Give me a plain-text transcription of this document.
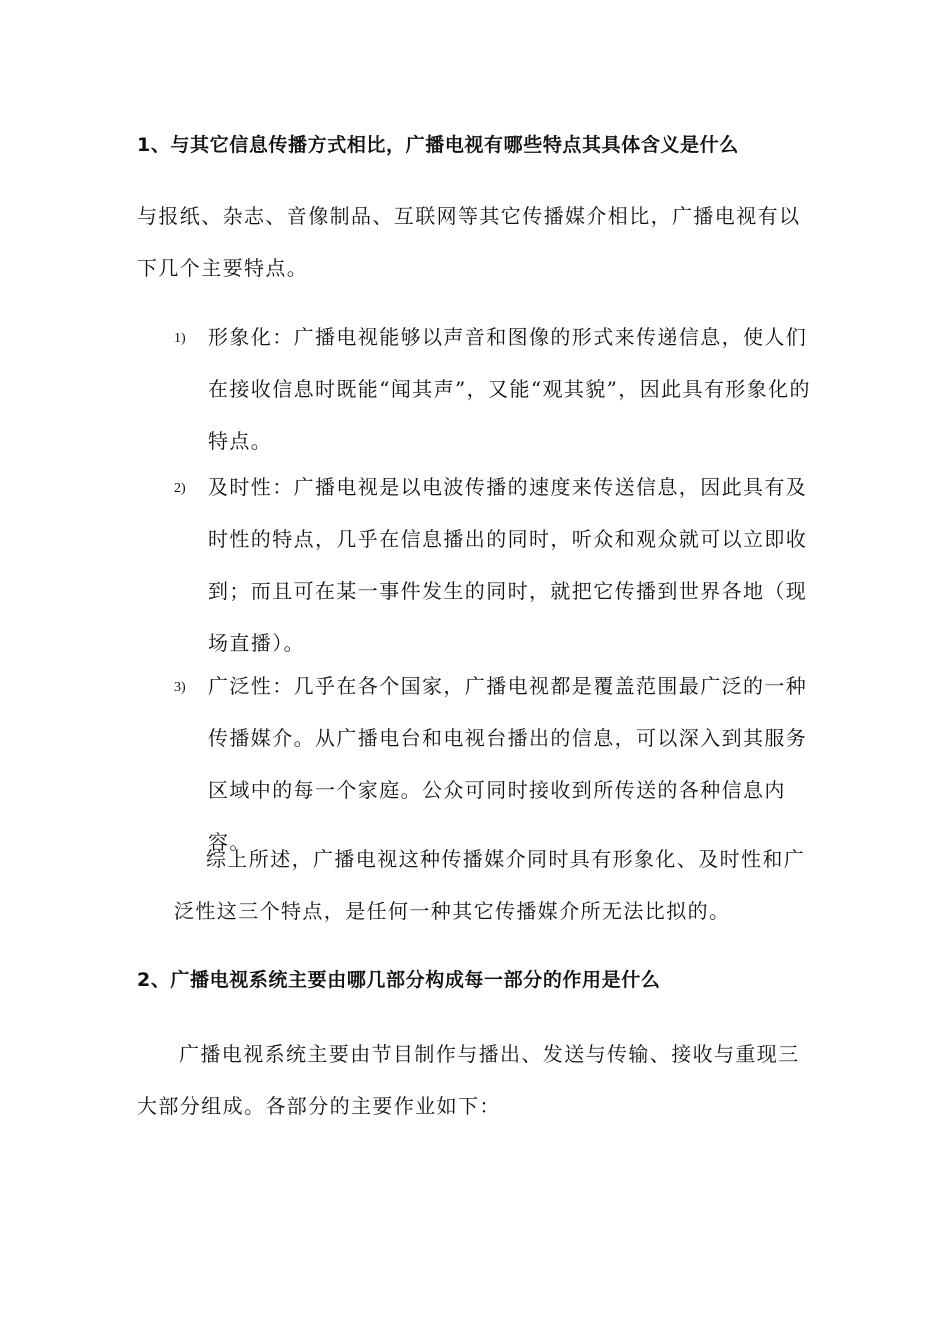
1、与其它信息传播方式相比，广播电视有哪些特点其具体含义是什么
与报纸、杂志、音像制品、互联网等其它传播媒介相比，广播电视有以下几个主要特点。
1) 形象化：广播电视能够以声音和图像的形式来传递信息，使人们在接收信息时既能“闻其声”，又能“观其貌”，因此具有形象化的特点。
2) 及时性：广播电视是以电波传播的速度来传送信息，因此具有及时性的特点，几乎在信息播出的同时，听众和观众就可以立即收到；而且可在某一事件发生的同时，就把它传播到世界各地（现场直播）。
3) 广泛性：几乎在各个国家，广播电视都是覆盖范围最广泛的一种传播媒介。从广播电台和电视台播出的信息，可以深入到其服务区域中的每一个家庭。公众可同时接收到所传送的各种信息内容。
综上所述，广播电视这种传播媒介同时具有形象化、及时性和广泛性这三个特点，是任何一种其它传播媒介所无法比拟的。
2、广播电视系统主要由哪几部分构成每一部分的作用是什么
广播电视系统主要由节目制作与播出、发送与传输、接收与重现三大部分组成。各部分的主要作业如下：
